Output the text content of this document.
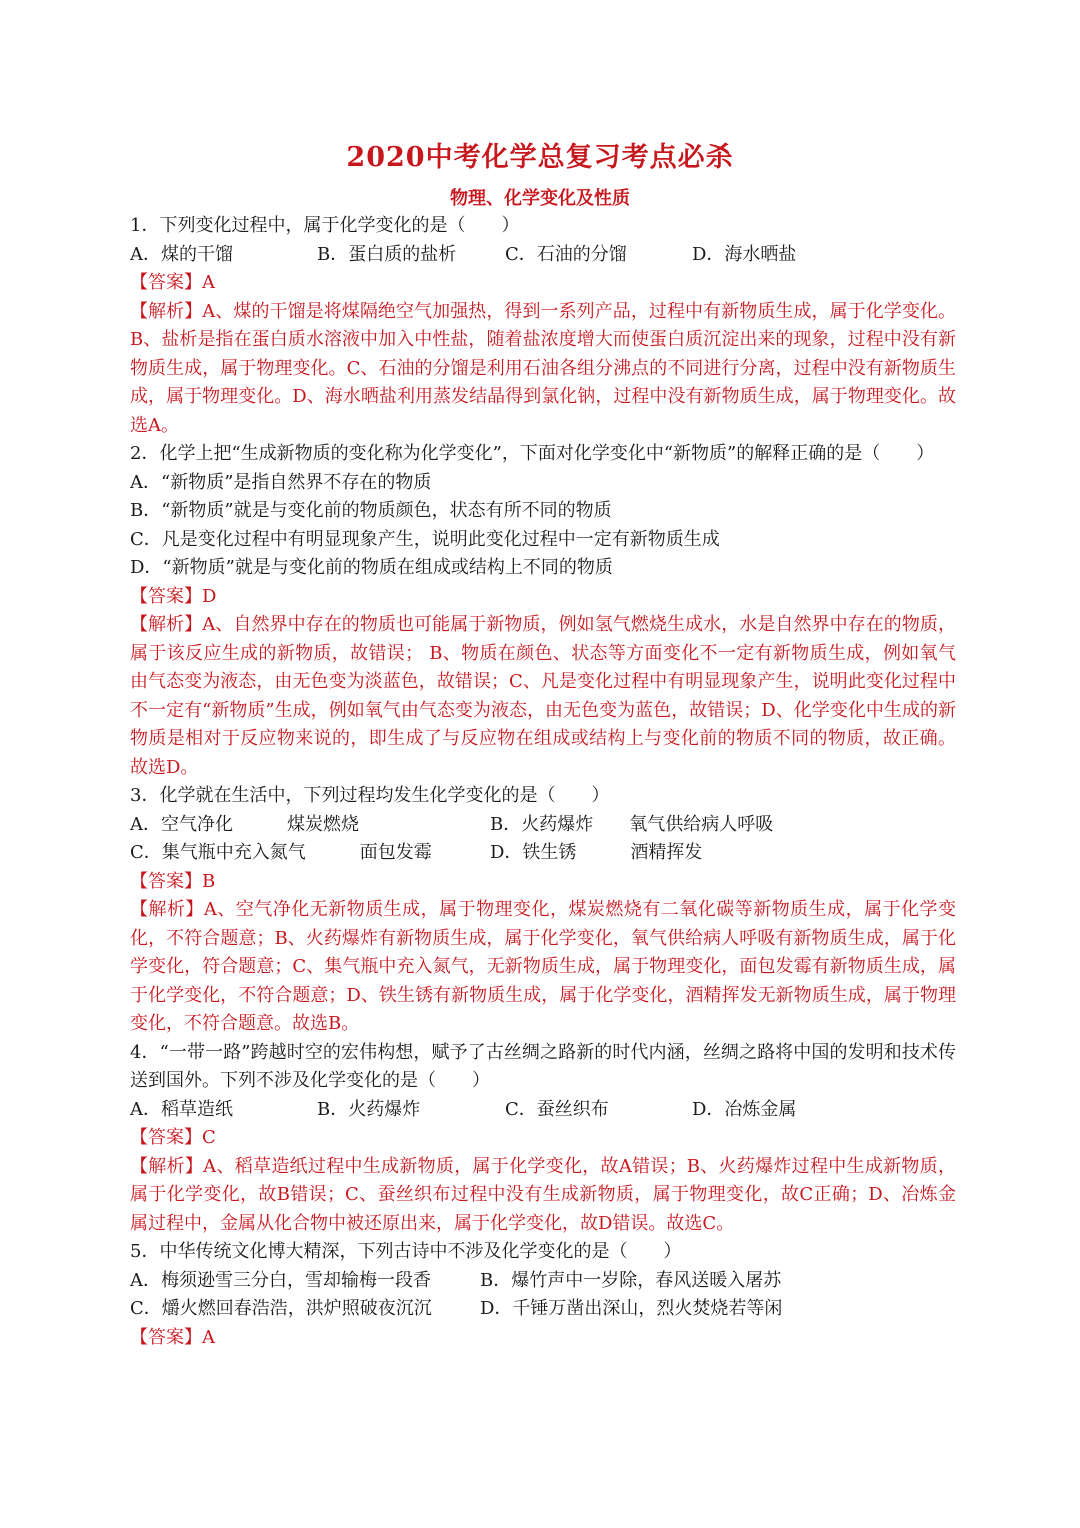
2020中考化学总复习考点必杀
物理、化学变化及性质
1．下列变化过程中，属于化学变化的是（　　）
A．煤的干馏	B．蛋白质的盐析	C．石油的分馏	D．海水晒盐
【答案】A
【解析】A、煤的干馏是将煤隔绝空气加强热，得到一系列产品，过程中有新物质生成，属于化学变化。B、盐析是指在蛋白质水溶液中加入中性盐，随着盐浓度增大而使蛋白质沉淀出来的现象，过程中没有新物质生成，属于物理变化。C、石油的分馏是利用石油各组分沸点的不同进行分离，过程中没有新物质生成，属于物理变化。D、海水晒盐利用蒸发结晶得到氯化钠，过程中没有新物质生成，属于物理变化。故选A。
2．化学上把“生成新物质的变化称为化学变化”，下面对化学变化中“新物质”的解释正确的是（　　）
A．“新物质”是指自然界不存在的物质
B．“新物质”就是与变化前的物质颜色，状态有所不同的物质
C．凡是变化过程中有明显现象产生，说明此变化过程中一定有新物质生成
D．“新物质”就是与变化前的物质在组成或结构上不同的物质
【答案】D
【解析】A、自然界中存在的物质也可能属于新物质，例如氢气燃烧生成水，水是自然界中存在的物质，属于该反应生成的新物质，故错误； B、物质在颜色、状态等方面变化不一定有新物质生成，例如氧气由气态变为液态，由无色变为淡蓝色，故错误；C、凡是变化过程中有明显现象产生，说明此变化过程中不一定有“新物质”生成，例如氧气由气态变为液态，由无色变为蓝色，故错误；D、化学变化中生成的新物质是相对于反应物来说的，即生成了与反应物在组成或结构上与变化前的物质不同的物质，故正确。故选D。
3．化学就在生活中，下列过程均发生化学变化的是（　　）
A．空气净化　　　煤炭燃烧	B．火药爆炸　　氧气供给病人呼吸
C．集气瓶中充入氮气　　　面包发霉	D．铁生锈　　　酒精挥发
【答案】B
【解析】A、空气净化无新物质生成，属于物理变化，煤炭燃烧有二氧化碳等新物质生成，属于化学变化，不符合题意；B、火药爆炸有新物质生成，属于化学变化，氧气供给病人呼吸有新物质生成，属于化学变化，符合题意；C、集气瓶中充入氮气，无新物质生成，属于物理变化，面包发霉有新物质生成，属于化学变化，不符合题意；D、铁生锈有新物质生成，属于化学变化，酒精挥发无新物质生成，属于物理变化，不符合题意。故选B。
4．“一带一路”跨越时空的宏伟构想，赋予了古丝绸之路新的时代内涵，丝绸之路将中国的发明和技术传送到国外。下列不涉及化学变化的是（　　）
A．稻草造纸	B．火药爆炸	C．蚕丝织布	D．冶炼金属
【答案】C
【解析】A、稻草造纸过程中生成新物质，属于化学变化，故A错误；B、火药爆炸过程中生成新物质，属于化学变化，故B错误；C、蚕丝织布过程中没有生成新物质，属于物理变化，故C正确；D、冶炼金属过程中，金属从化合物中被还原出来，属于化学变化，故D错误。故选C。
5．中华传统文化博大精深，下列古诗中不涉及化学变化的是（　　）
A．梅须逊雪三分白，雪却输梅一段香	B．爆竹声中一岁除，春风送暖入屠苏
C．爝火燃回春浩浩，洪炉照破夜沉沉	D．千锤万凿出深山，烈火焚烧若等闲
【答案】A
